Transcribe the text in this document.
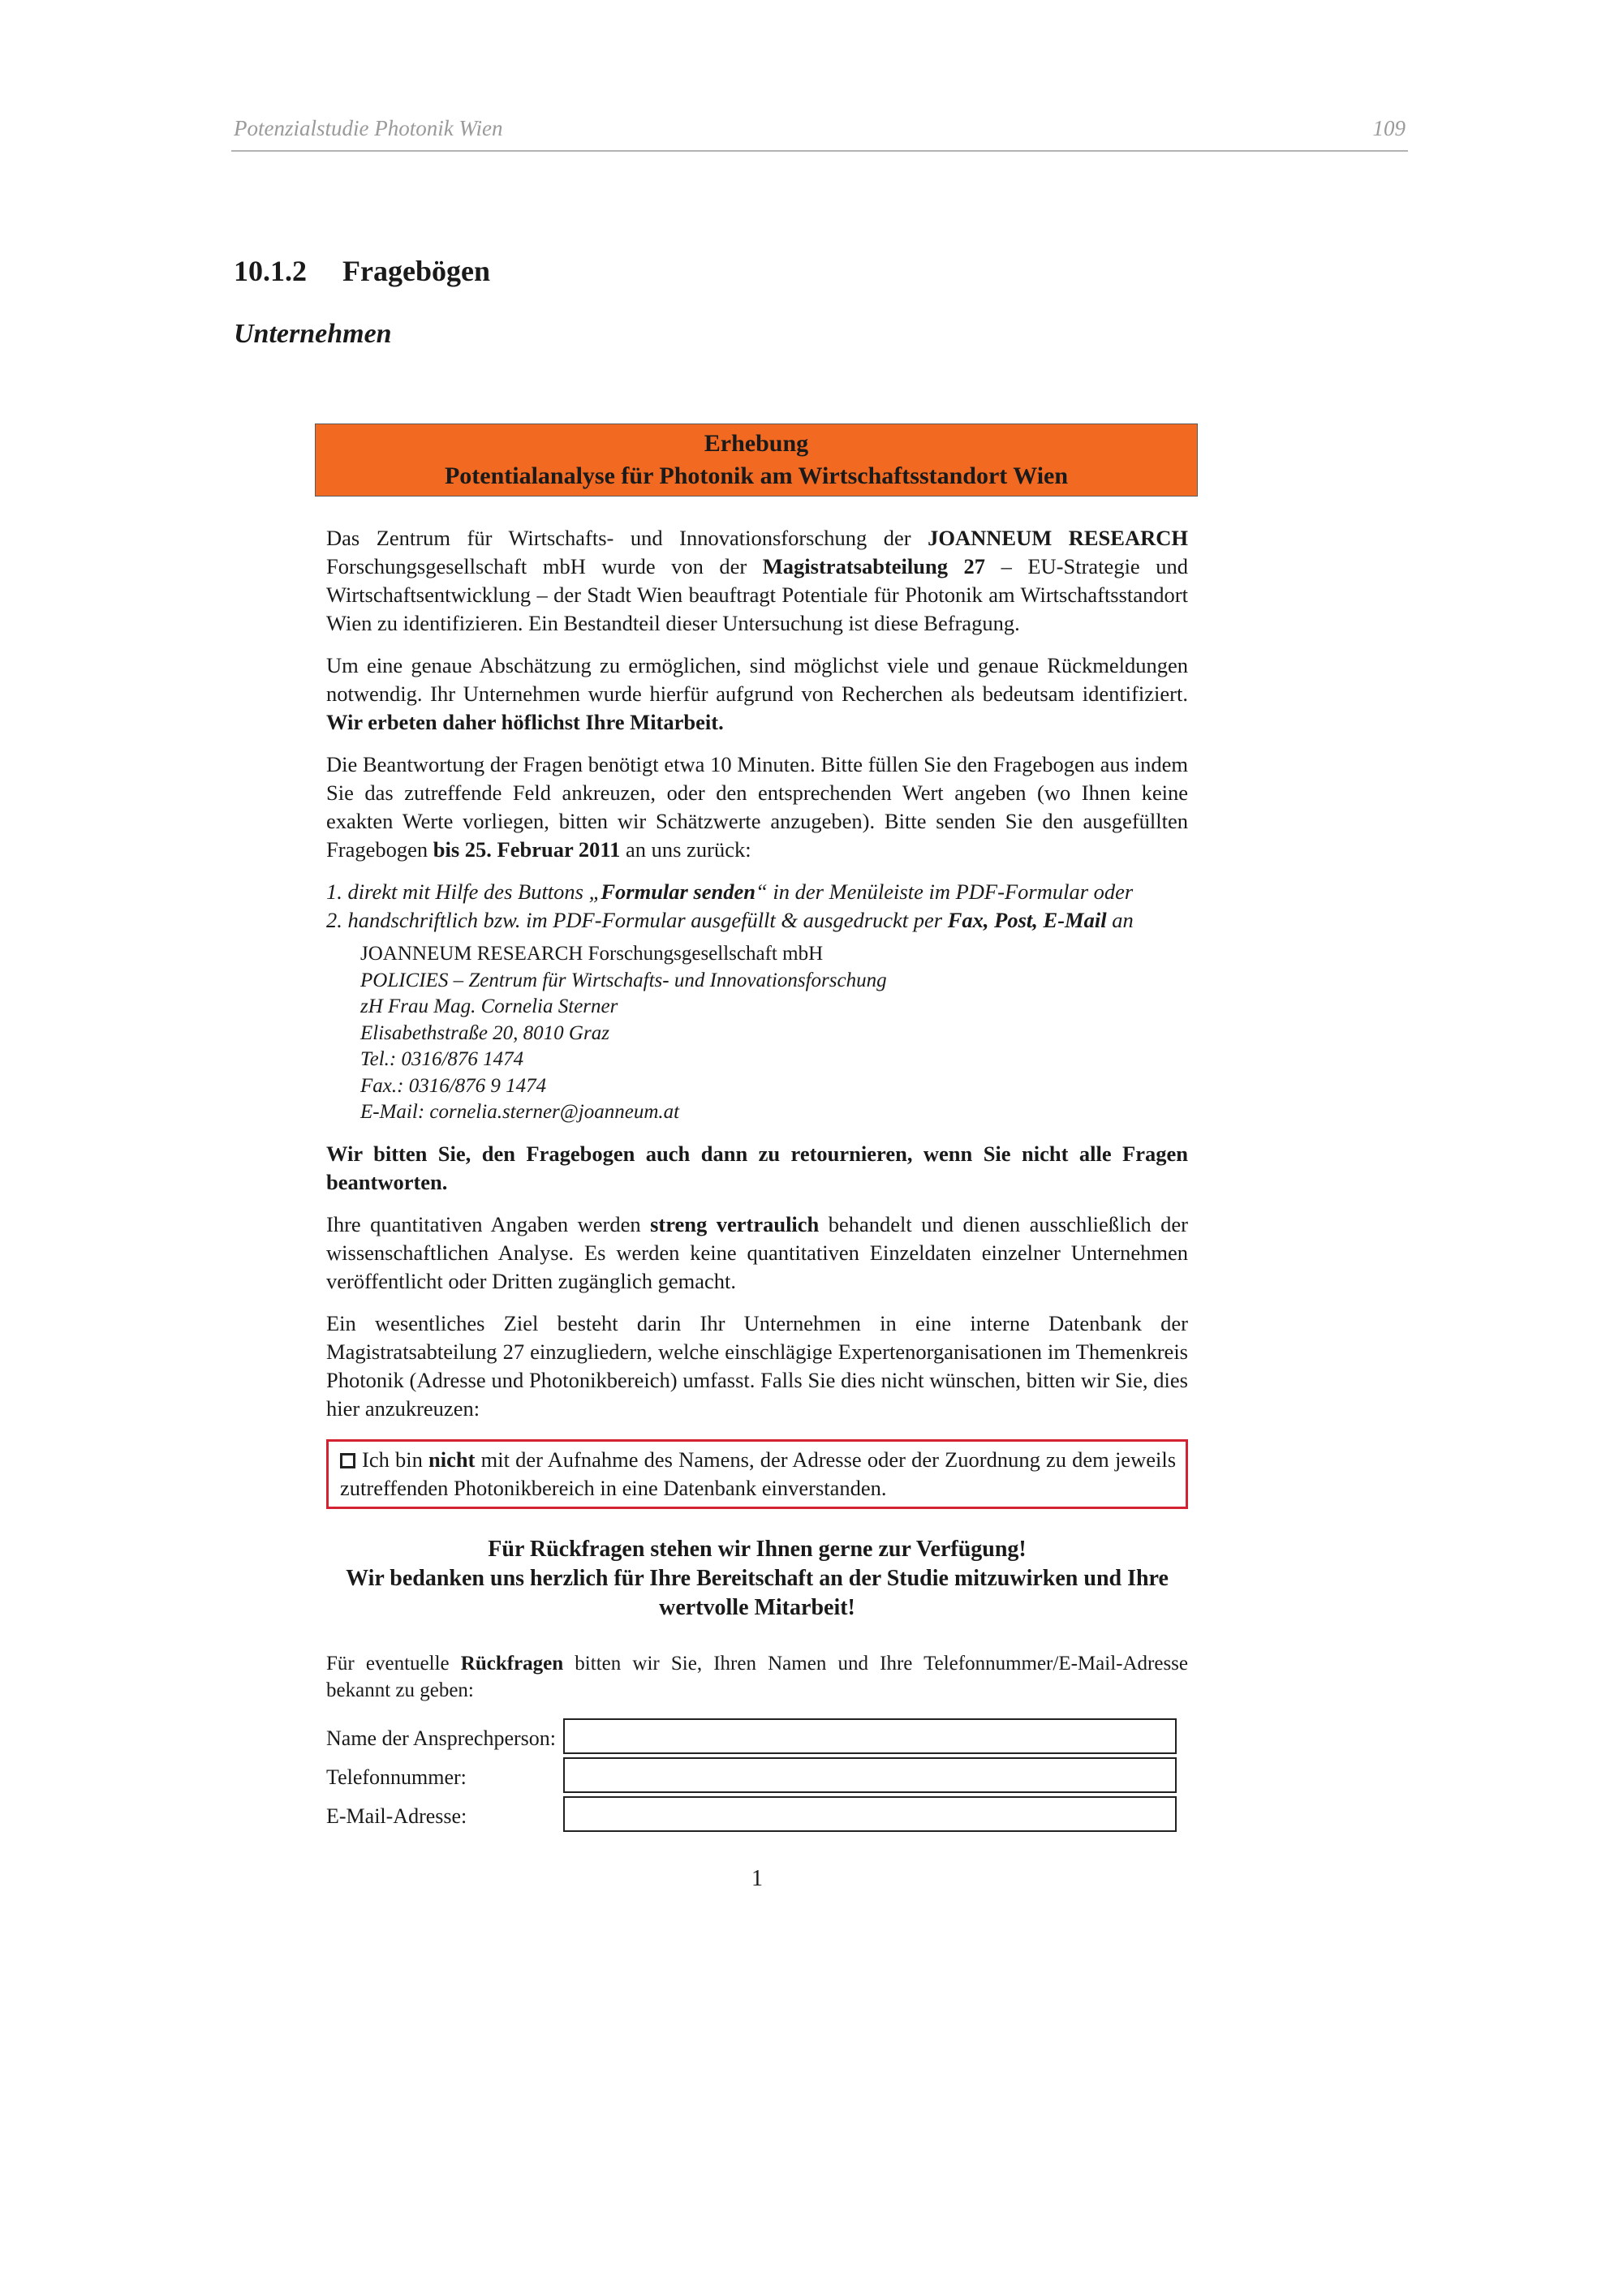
Potenzialstudie Photonik Wien	109
10.1.2 Fragebögen
Unternehmen
Erhebung
Potentialanalyse für Photonik am Wirtschaftsstandort Wien

Das Zentrum für Wirtschafts- und Innovationsforschung der JOANNEUM RESEARCH Forschungsgesellschaft mbH wurde von der Magistratsabteilung 27 – EU-Strategie und Wirtschaftsentwicklung – der Stadt Wien beauftragt Potentiale für Photonik am Wirtschaftsstandort Wien zu identifizieren. Ein Bestandteil dieser Untersuchung ist diese Befragung.

Um eine genaue Abschätzung zu ermöglichen, sind möglichst viele und genaue Rückmeldungen notwendig. Ihr Unternehmen wurde hierfür aufgrund von Recherchen als bedeutsam identifiziert. Wir erbeten daher höflichst Ihre Mitarbeit.

Die Beantwortung der Fragen benötigt etwa 10 Minuten. Bitte füllen Sie den Fragebogen aus indem Sie das zutreffende Feld ankreuzen, oder den entsprechenden Wert angeben (wo Ihnen keine exakten Werte vorliegen, bitten wir Schätzwerte anzugeben). Bitte senden Sie den ausgefüllten Fragebogen bis 25. Februar 2011 an uns zurück:

1. direkt mit Hilfe des Buttons „Formular senden“ in der Menüleiste im PDF-Formular oder

2. handschriftlich bzw. im PDF-Formular ausgefüllt & ausgedruckt per Fax, Post, E-Mail an

JOANNEUM RESEARCH Forschungsgesellschaft mbH
POLICIES – Zentrum für Wirtschafts- und Innovationsforschung
zH Frau Mag. Cornelia Sterner
Elisabethstraße 20, 8010 Graz
Tel.: 0316/876 1474
Fax.: 0316/876 9 1474
E-Mail: cornelia.sterner@joanneum.at

Wir bitten Sie, den Fragebogen auch dann zu retournieren, wenn Sie nicht alle Fragen beantworten.

Ihre quantitativen Angaben werden streng vertraulich behandelt und dienen ausschließlich der wissenschaftlichen Analyse. Es werden keine quantitativen Einzeldaten einzelner Unternehmen veröffentlicht oder Dritten zugänglich gemacht.

Ein wesentliches Ziel besteht darin Ihr Unternehmen in eine interne Datenbank der Magistratsabteilung 27 einzugliedern, welche einschlägige Expertenorganisationen im Themenkreis Photonik (Adresse und Photonikbereich) umfasst. Falls Sie dies nicht wünschen, bitten wir Sie, dies hier anzukreuzen:

Ich bin nicht mit der Aufnahme des Namens, der Adresse oder der Zuordnung zu dem jeweils zutreffenden Photonikbereich in eine Datenbank einverstanden.
Für Rückfragen stehen wir Ihnen gerne zur Verfügung!
Wir bedanken uns herzlich für Ihre Bereitschaft an der Studie mitzuwirken und Ihre wertvolle Mitarbeit!

Für eventuelle Rückfragen bitten wir Sie, Ihren Namen und Ihre Telefonnummer/E-Mail-Adresse bekannt zu geben:

Name der Ansprechperson:
Telefonnummer:
E-Mail-Adresse:
1
